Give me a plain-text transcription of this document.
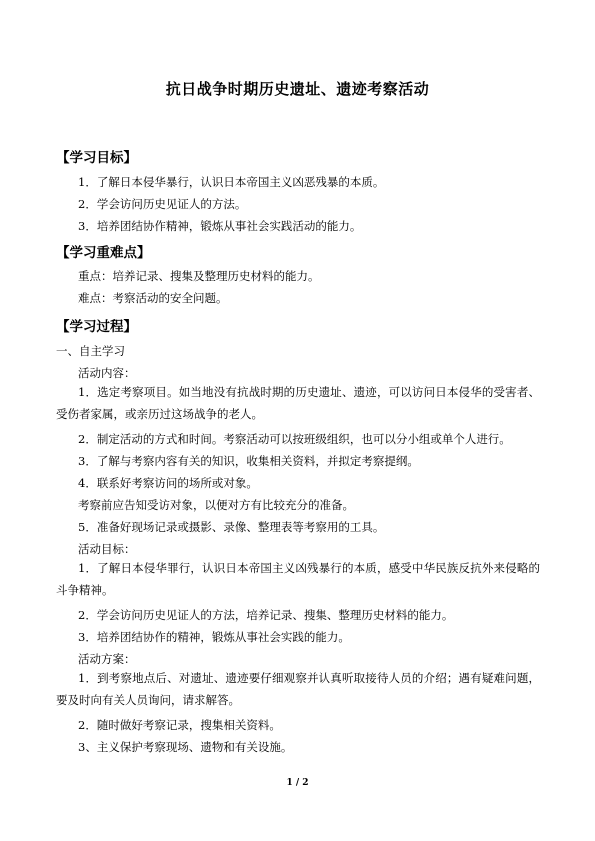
抗日战争时期历史遗址、遗迹考察活动
【学习目标】
1．了解日本侵华暴行，认识日本帝国主义凶恶残暴的本质。
2．学会访问历史见证人的方法。
3．培养团结协作精神，锻炼从事社会实践活动的能力。
【学习重难点】
重点：培养记录、搜集及整理历史材料的能力。
难点：考察活动的安全问题。
【学习过程】
一、自主学习
活动内容：
1．选定考察项目。如当地没有抗战时期的历史遗址、遗迹，可以访问日本侵华的受害者、受伤者家属，或亲历过这场战争的老人。
2．制定活动的方式和时间。考察活动可以按班级组织，也可以分小组或单个人进行。
3．了解与考察内容有关的知识，收集相关资料，并拟定考察提纲。
4．联系好考察访问的场所或对象。
考察前应告知受访对象，以便对方有比较充分的准备。
5．准备好现场记录或摄影、录像、整理表等考察用的工具。
活动目标：
1．了解日本侵华罪行，认识日本帝国主义凶残暴行的本质，感受中华民族反抗外来侵略的斗争精神。
2．学会访问历史见证人的方法，培养记录、搜集、整理历史材料的能力。
3．培养团结协作的精神，锻炼从事社会实践的能力。
活动方案：
1．到考察地点后、对遗址、遗迹要仔细观察并认真听取接待人员的介绍；遇有疑难问题，要及时向有关人员询问，请求解答。
2．随时做好考察记录，搜集相关资料。
3、主义保护考察现场、遗物和有关设施。
1 / 2
